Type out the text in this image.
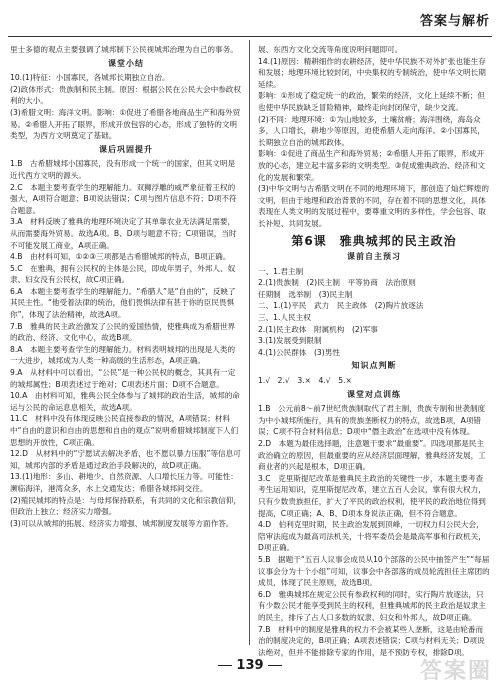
答案与解析

里士多德的观点主要强调了城邦制下公民视城邦治理为自己的事务。

课堂小结

10.(1)特征：小国寡民，各城邦长期独立自治。

(2)政体形式：贵族制和民主制。原因：根据公民在公民大会中参政权利的大小。

(3)希腊文明：海洋文明。影响：①促进了希腊各地商品生产和海外贸易。②希腊人开拓了眼界，形成开放包容的心态，形成了独特的文明类型，为西方文明奠定了基础。

课后巩固提升

1.B　古希腊城邦小国寡民，没有形成一个统一的国家，但其文明是近代西方文明的源头。

2.C　本题主要考查学生的理解能力。双狮浮雕的威严象征着王权的强大，A项符合题意；B项说法错误；C项与图片信息不符；D项不符合题意。

3.A　材料反映了雅典的地理环境决定了其单靠农业无法满足需要，从而需要海外贸易。故选A项。B、D项与题意不符；C项错误，当时不可能发展工商业，A项正确。

4.B　由材料可知，①②③三项都是古希腊城邦的特点，B项正确。

5.C　在雅典，拥有公民权的主体是公民，即成年男子，外邦人、奴隶、妇女没有公民权，故C项正确。

6.A　本题主要考查学生的理解能力。“希腊人”是“自由的”，反映了其民主性。“他受着法律的统治，他们畏惧法律有甚于你的臣民畏惧你”，体现了法治精神，故选A项。

7.B　雅典的民主政治激发了公民的爱国热情，使雅典成为希腊世界的政治、经济、文化中心，故选B项。

8.A　本题主要考查学生的理解能力。材料表明城邦的出现是人类的一大进步，城邦成为人类一种高级的生活形态，A项正确。

9.A　从材料中可以看出，“公民”是一种公民权的概念，其具有一定的城邦属性；B项表述过于绝对；C项表述片面；D项不合题意。

10.A　由材料可知，雅典公民全体参与了城邦的政治生活，城邦的命运与公民的命运息息相关，故选A项。

11.C　材料中没有体现反映公民直接参政的情况，A项错误；材料中“自由的意识和自由的思想和自由的观点”说明希腊城邦制度下人们思想的开放性，C项正确。

12.D　从材料中的“宁愿试去解决矛盾，也不愿以暴力压服”等信息可知，城邦内部的矛盾是通过政治手段解决的，故D项正确。

13.(1)地形：多山、耕地少、自然资源、人口增长压力等。可能性：濒临海洋，港湾众多，水上交通发达；希腊各城邦间交往。

(2)殖民城邦的特点是：与母邦保持联系，有共同的文化和宗教信仰，但政治上独立；经济实力增强。

(3)可以从城邦的拓展、经济实力增强、城邦制度发展等方面作答。

展、东西方文化交流等角度说明问题即可。

14.(1)原因：精耕细作的农耕经济，使中华民族不对外扩张也能生存和发展；地理环境比较封闭，中央集权的专制统治，使中华文明长期延续。

影响：①形成了稳定统一的政治，繁荣的经济，文化上延续不断；但也使中华民族缺乏冒险精神，最终走向封闭保守，缺少交流。

(2)不同：地理环境：①为山地较多，土壤贫瘠；海洋围绕，海岛众多，人口增长，耕地少等原因，迫使希腊人走向海洋。②小国寡民，长期独立自治的城邦政体。

影响：①促进了商品生产和海外贸易；②希腊人开拓了眼界，形成开放的心态，建立起丰富多彩的文明类型。③促成雅典政治、经济和文化的发展和繁荣。

(3)中华文明与古希腊文明在不同的地理环境下，都创造了灿烂辉煌的文明，但由于地理和政治背景的不同，存在着不同的思想文化，具体表现在人类文明的发展过程中，要尊重文明的多样性，学会包容、取长补短、共同发展。

第6课　雅典城邦的民主政治
课前自主预习

一、1.君主制

2.(1)贵族制　(2)民主制　平等协商　法治原则

任期制　选举制　(3)民主制

二、1.(1)平民　武力　民主政体　(2)陶片放逐法

三、1.人民主权

2.(1)民主政体　附属机构　(2)军事

3.(1)发展受到限制

4.(1)公民群体　(3)男性

知识点判断

1.√　2.√　3.×　4.√　5.×

课堂对点训练

1.B　公元前8～前7世纪贵族制取代了君主制，贵族专制和世袭制度为中小城邦所施行，具有的贵族垄断权力的特点，故选B项，A项错误；C项不符合材料信息；D项中“僭主政治”在选项中没有体现。

2.D　本题为最佳选择题，注意题干要求“最重要”。四选项都是民主政治确立的原因，但最重要的应从经济层面理解，雅典经济发展，工商业者的兴起是根本，D项正确。

3.C　克里斯提尼改革是雅典民主政治的关键性一步，本题主要考查考生运用知识，克里斯提尼改革，建立五百人会议，掌有很大权力，只有少数贵族担任，扩大了平民的政治权利，使平民的政治地位得到提高，C项正确；A、B、D项本身说法正确，但不符合题意。

4.D　伯利克里时期，民主政治发展到顶峰，一切权力归公民大会，陪审法庭成为最高司法机关，十将军委员会是最高军事和行政机关，D项正确。

5.B　据题干“五百人议事会成员从10个部落的公民中抽签产生”“每届议事会分为十个小组”可知，议事会中各部落的成员轮流担任主席团的成员，体现了民主原则，故选B项。

6.D　雅典城邦在规定公民有参政权利的同时，实行陶片放逐法，只有少数公民才能享受到民主的权利，但雅典城邦的民主政治是奴隶主的民主，排斥了占人口多数的奴隶、妇女和外邦人，故D项正确。

7.B　材料中的制度是雅典的权力不会被某些人垄断，这是由轮番而治的制度决定的，B项正确；A项表述错误；C项与材料无关；D项说法绝对，但并不能排除专家的作用，是不预防专权，排除D项。

139	答案圈
